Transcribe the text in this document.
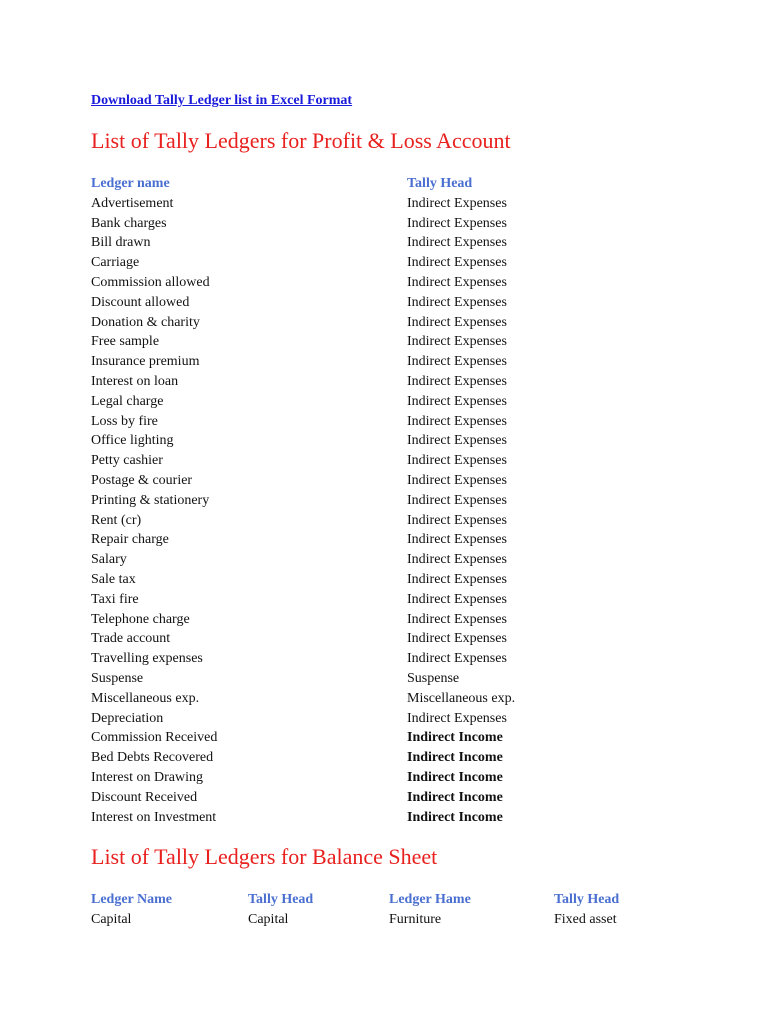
Download Tally Ledger list in Excel Format
List of Tally Ledgers for Profit & Loss Account
Ledger name	Tally Head
Advertisement	Indirect Expenses
Bank charges	Indirect Expenses
Bill drawn	Indirect Expenses
Carriage	Indirect Expenses
Commission allowed	Indirect Expenses
Discount allowed	Indirect Expenses
Donation & charity	Indirect Expenses
Free sample	Indirect Expenses
Insurance premium	Indirect Expenses
Interest on loan	Indirect Expenses
Legal charge	Indirect Expenses
Loss by fire	Indirect Expenses
Office lighting	Indirect Expenses
Petty cashier	Indirect Expenses
Postage & courier	Indirect Expenses
Printing & stationery	Indirect Expenses
Rent (cr)	Indirect Expenses
Repair charge	Indirect Expenses
Salary	Indirect Expenses
Sale tax	Indirect Expenses
Taxi fire	Indirect Expenses
Telephone charge	Indirect Expenses
Trade account	Indirect Expenses
Travelling expenses	Indirect Expenses
Suspense	Suspense
Miscellaneous exp.	Miscellaneous exp.
Depreciation	Indirect Expenses
Commission Received	Indirect Income
Bed Debts Recovered	Indirect Income
Interest on Drawing	Indirect Income
Discount Received	Indirect Income
Interest on Investment	Indirect Income
List of Tally Ledgers for Balance Sheet
Ledger Name	Tally Head	Ledger Hame	Tally Head
Capital	Capital	Furniture	Fixed asset
